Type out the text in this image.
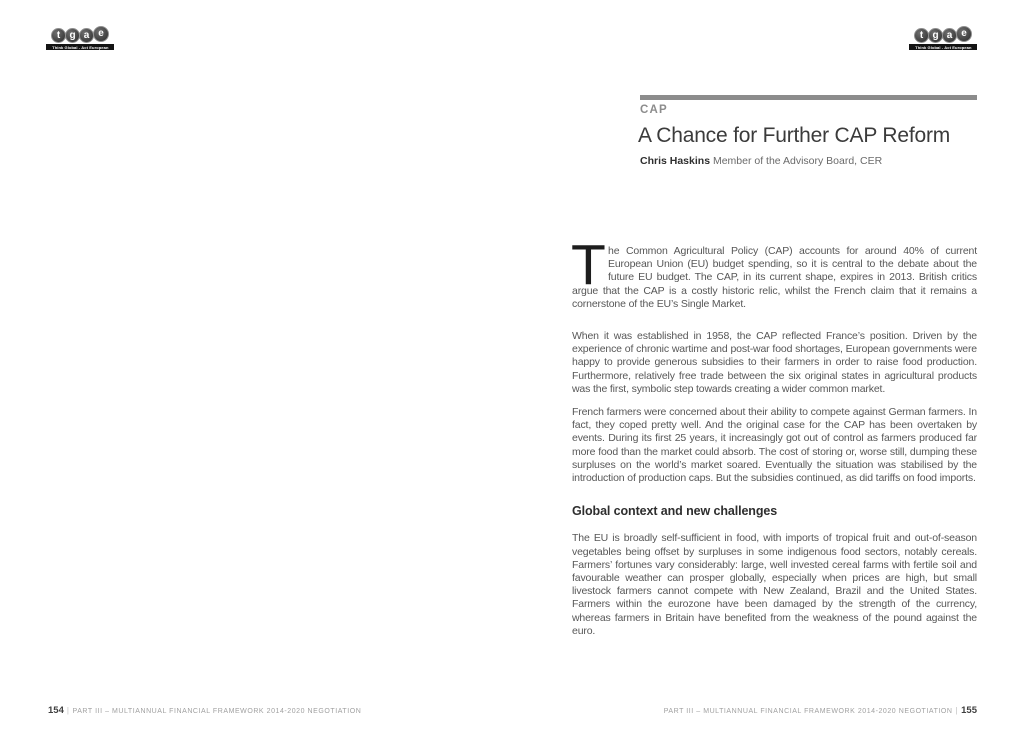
t g a e
Think Global - Act European
t g a e
Think Global - Act European
CAP
A Chance for Further CAP Reform
Chris Haskins Member of the Advisory Board, CER
T he Common Agricultural Policy (CAP) accounts for around 40% of current European Union (EU) budget spending, so it is central to the debate about the future EU budget. The CAP, in its current shape, expires in 2013. British critics argue that the CAP is a costly historic relic, whilst the French claim that it remains a cornerstone of the EU’s Single Market.

When it was established in 1958, the CAP reflected France’s position. Driven by the experience of chronic wartime and post-war food shortages, European governments were happy to provide generous subsidies to their farmers in order to raise food production. Furthermore, relatively free trade between the six original states in agricultural products was the first, symbolic step towards creating a wider common market.

French farmers were concerned about their ability to compete against German farmers. In fact, they coped pretty well. And the original case for the CAP has been overtaken by events. During its first 25 years, it increasingly got out of control as farmers produced far more food than the market could absorb. The cost of storing or, worse still, dumping these surpluses on the world’s market soared. Eventually the situation was stabilised by the introduction of production caps. But the subsidies continued, as did tariffs on food imports.

Global context and new challenges

The EU is broadly self-sufficient in food, with imports of tropical fruit and out-of-season vegetables being offset by surpluses in some indigenous food sectors, notably cereals. Farmers’ fortunes vary considerably: large, well invested cereal farms with fertile soil and favourable weather can prosper globally, especially when prices are high, but small livestock farmers cannot compete with New Zealand, Brazil and the United States. Farmers within the eurozone have been damaged by the strength of the currency, whereas farmers in Britain have benefited from the weakness of the pound against the euro.

154 | PART III – MULTIANNUAL FINANCIAL FRAMEWORK 2014-2020 NEGOTIATION	PART III – MULTIANNUAL FINANCIAL FRAMEWORK 2014-2020 NEGOTIATION | 155
